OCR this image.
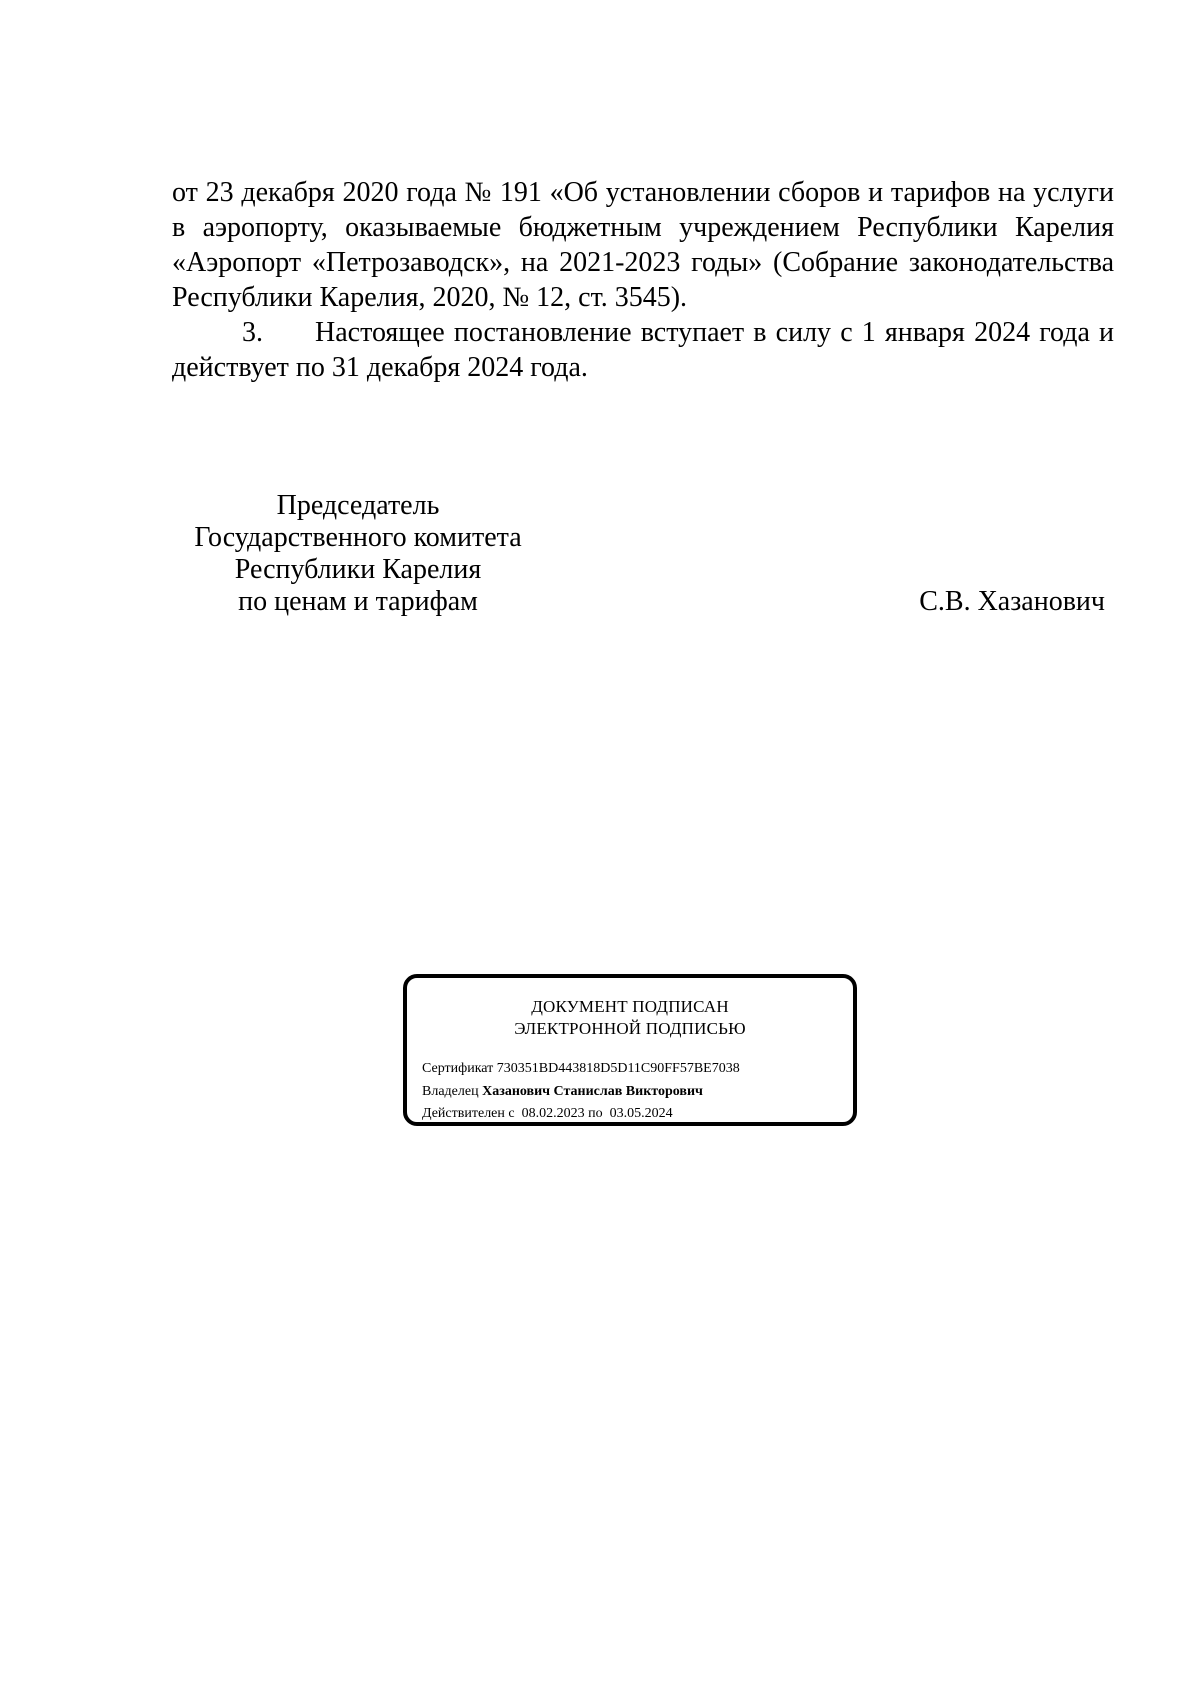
от 23 декабря 2020 года № 191 «Об установлении сборов и тарифов на услуги в аэропорту, оказываемые бюджетным учреждением Республики Карелия «Аэропорт «Петрозаводск», на 2021-2023 годы» (Собрание законодательства Республики Карелия, 2020, № 12, ст. 3545).

3. Настоящее постановление вступает в силу с 1 января 2024 года и действует по 31 декабря 2024 года.

Председатель
Государственного комитета
Республики Карелия
по ценам и тарифам	С.В. Хазанович
ДОКУМЕНТ ПОДПИСАН
ЭЛЕКТРОННОЙ ПОДПИСЬЮ
Сертификат 730351BD443818D5D11C90FF57BE7038
Владелец Хазанович Станислав Викторович
Действителен с 08.02.2023 по 03.05.2024
